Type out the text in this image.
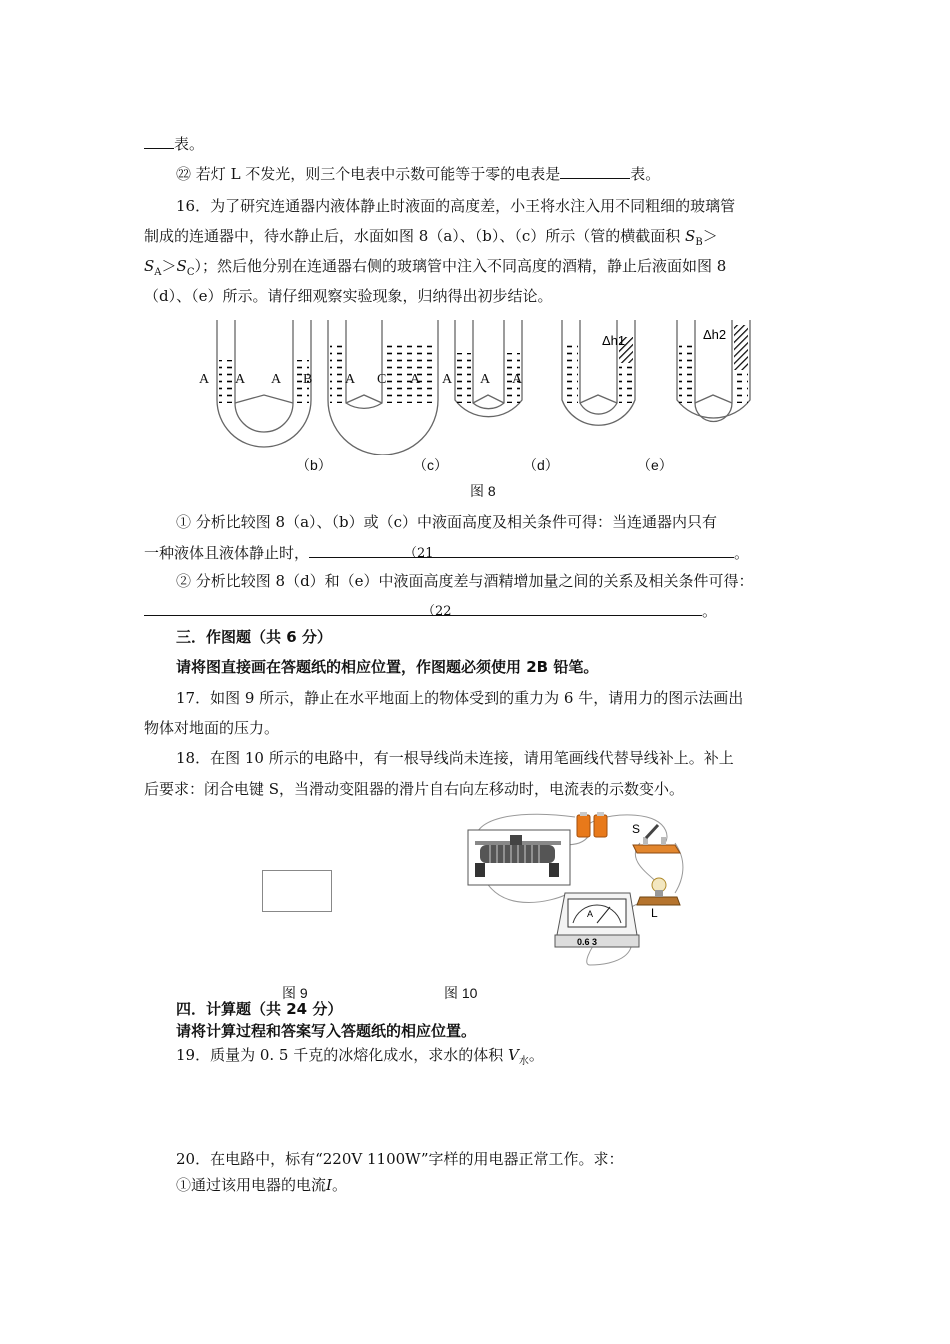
表。
㉒ 若灯 L 不发光，则三个电表中示数可能等于零的电表是	表。
16．为了研究连通器内液体静止时液面的高度差，小王将水注入用不同粗细的玻璃管
制成的连通器中，待水静止后，水面如图 8（a）、（b）、（c）所示（管的横截面积 $S_B>$
$S_A>S_C$）；然后他分别在连通器右侧的玻璃管中注入不同高度的酒精，静止后液面如图 8
（d）、（e）所示。请仔细观察实验现象，归纳得出初步结论。
Δh1	Δh2
A A A B A C A A A A
（b）	（c）	（d）	（e）
图 8
① 分析比较图 8（a）、（b）或（c）中液面高度及相关条件可得：当连通器内只有
一种液体且液体静止时，	（21	。
② 分析比较图 8（d）和（e）中液面高度差与酒精增加量之间的关系及相关条件可得：
（22	。
三．作图题（共 6 分）
请将图直接画在答题纸的相应位置，作图题必须使用 2B 铅笔。
17．如图 9 所示，静止在水平地面上的物体受到的重力为 6 牛，请用力的图示法画出
物体对地面的压力。
18．在图 10 所示的电路中，有一根导线尚未连接，请用笔画线代替导线补上。补上
后要求：闭合电键 S，当滑动变阻器的滑片自右向左移动时，电流表的示数变小。
图 9
S
L
A
0.6 3
图 10
四．计算题（共 24 分）
请将计算过程和答案写入答题纸的相应位置。
19．质量为 0. 5 千克的冰熔化成水，求水的体积 $V_水$。
20．在电路中，标有“220V 1100W”字样的用电器正常工作。求：
①通过该用电器的电流I。
